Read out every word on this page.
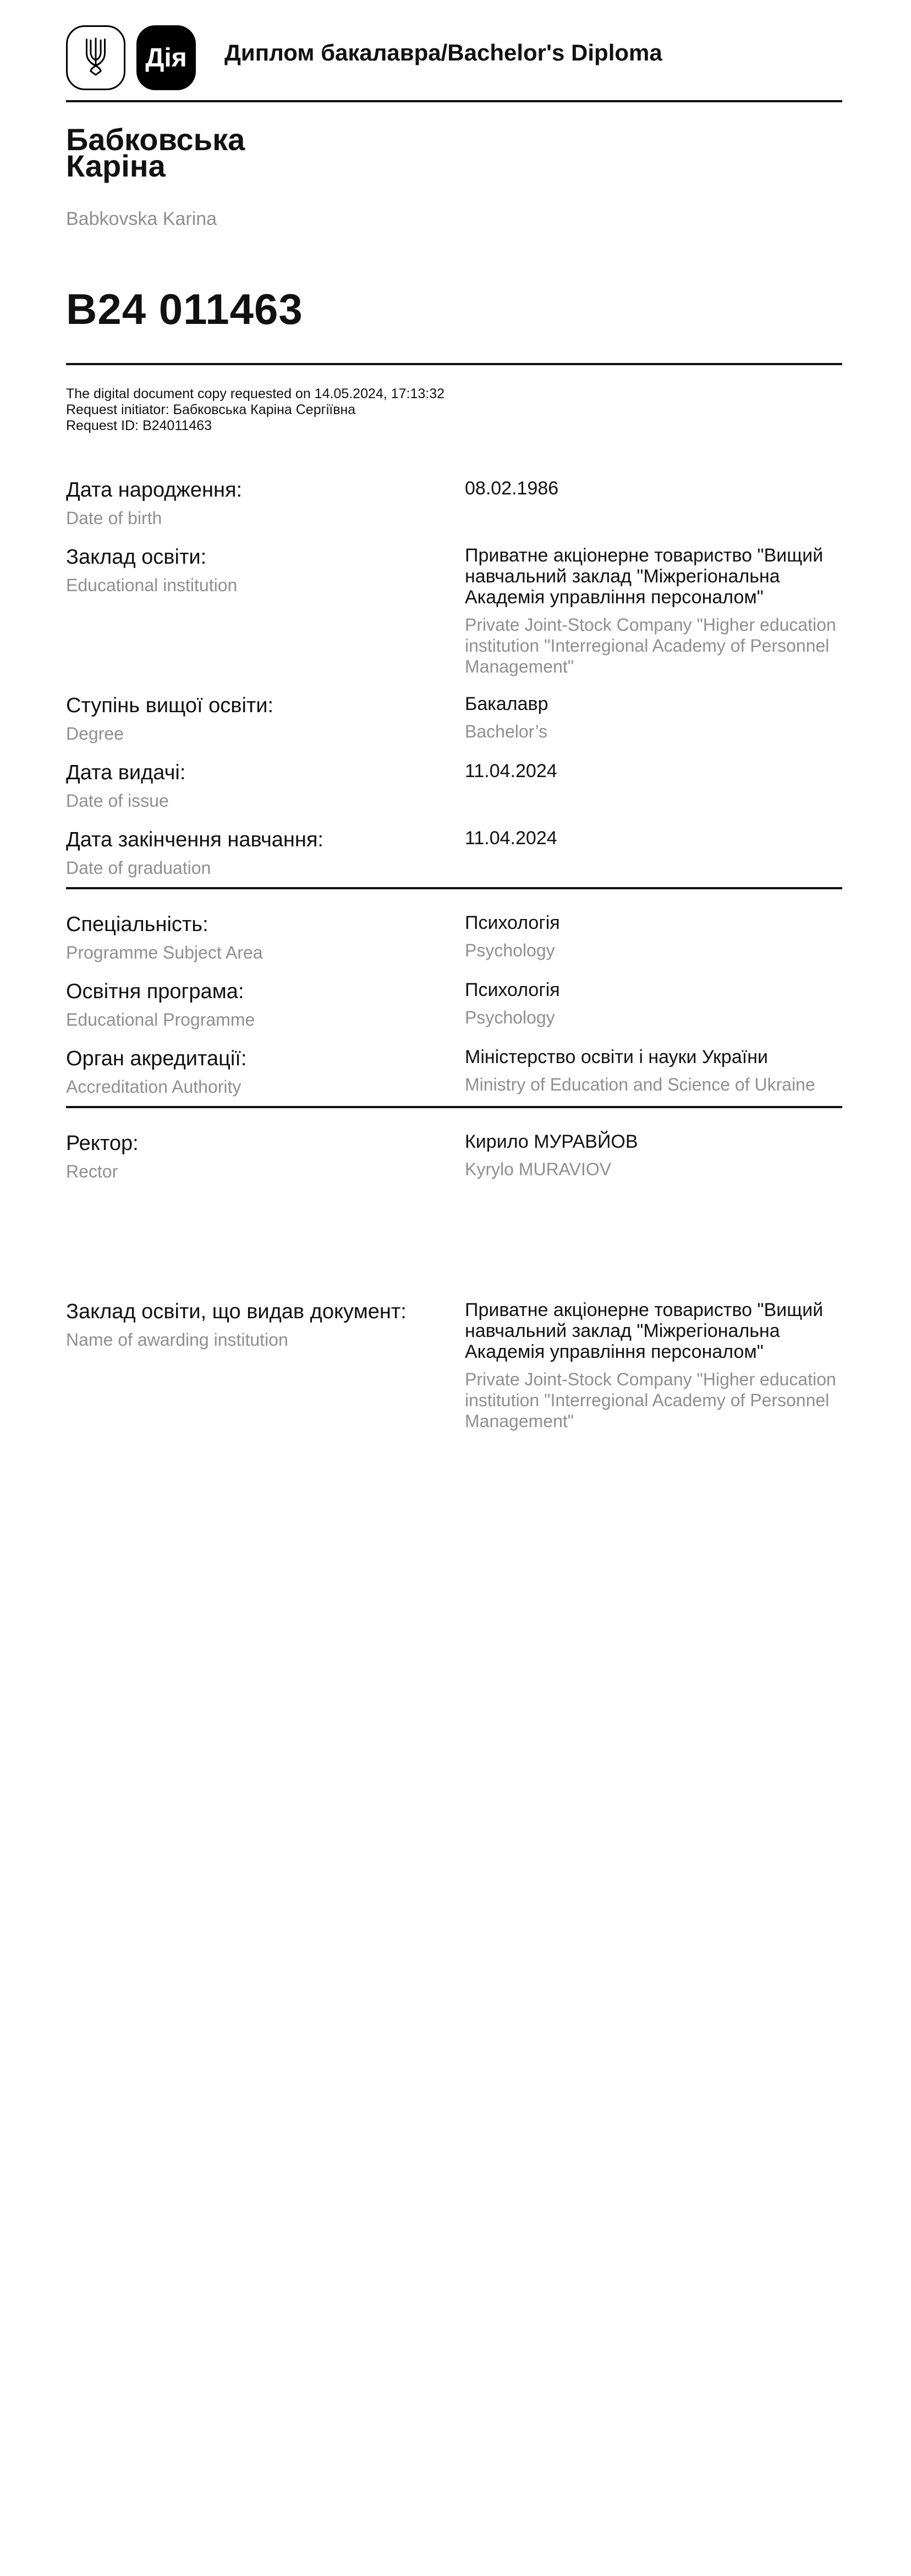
Дія Диплом бакалавра/Bachelor's Diploma
Бабковська
Каріна
Babkovska Karina
В24 011463
The digital document copy requested on 14.05.2024, 17:13:32
Request initiator: Бабковська Каріна Сергіївна
Request ID: В24011463
Дата народження:
Date of birth
08.02.1986
Заклад освіти:
Educational institution
Приватне акціонерне товариство "Вищий навчальний заклад "Міжрегіональна Академія управління персоналом"
Private Joint-Stock Company "Higher education institution "Interregional Academy of Personnel Management"
Ступінь вищої освіти:
Degree
Бакалавр
Bachelor’s
Дата видачі:
Date of issue
11.04.2024
Дата закінчення навчання:
Date of graduation
11.04.2024
Спеціальність:
Programme Subject Area
Психологія
Psychology
Освітня програма:
Educational Programme
Психологія
Psychology
Орган акредитації:
Accreditation Authority
Міністерство освіти і науки України
Ministry of Education and Science of Ukraine
Ректор:
Rector
Кирило МУРАВЙОВ
Kyrylo MURAVIOV
Заклад освіти, що видав документ:
Name of awarding institution
Приватне акціонерне товариство "Вищий навчальний заклад "Міжрегіональна Академія управління персоналом"
Private Joint-Stock Company "Higher education institution "Interregional Academy of Personnel Management"
